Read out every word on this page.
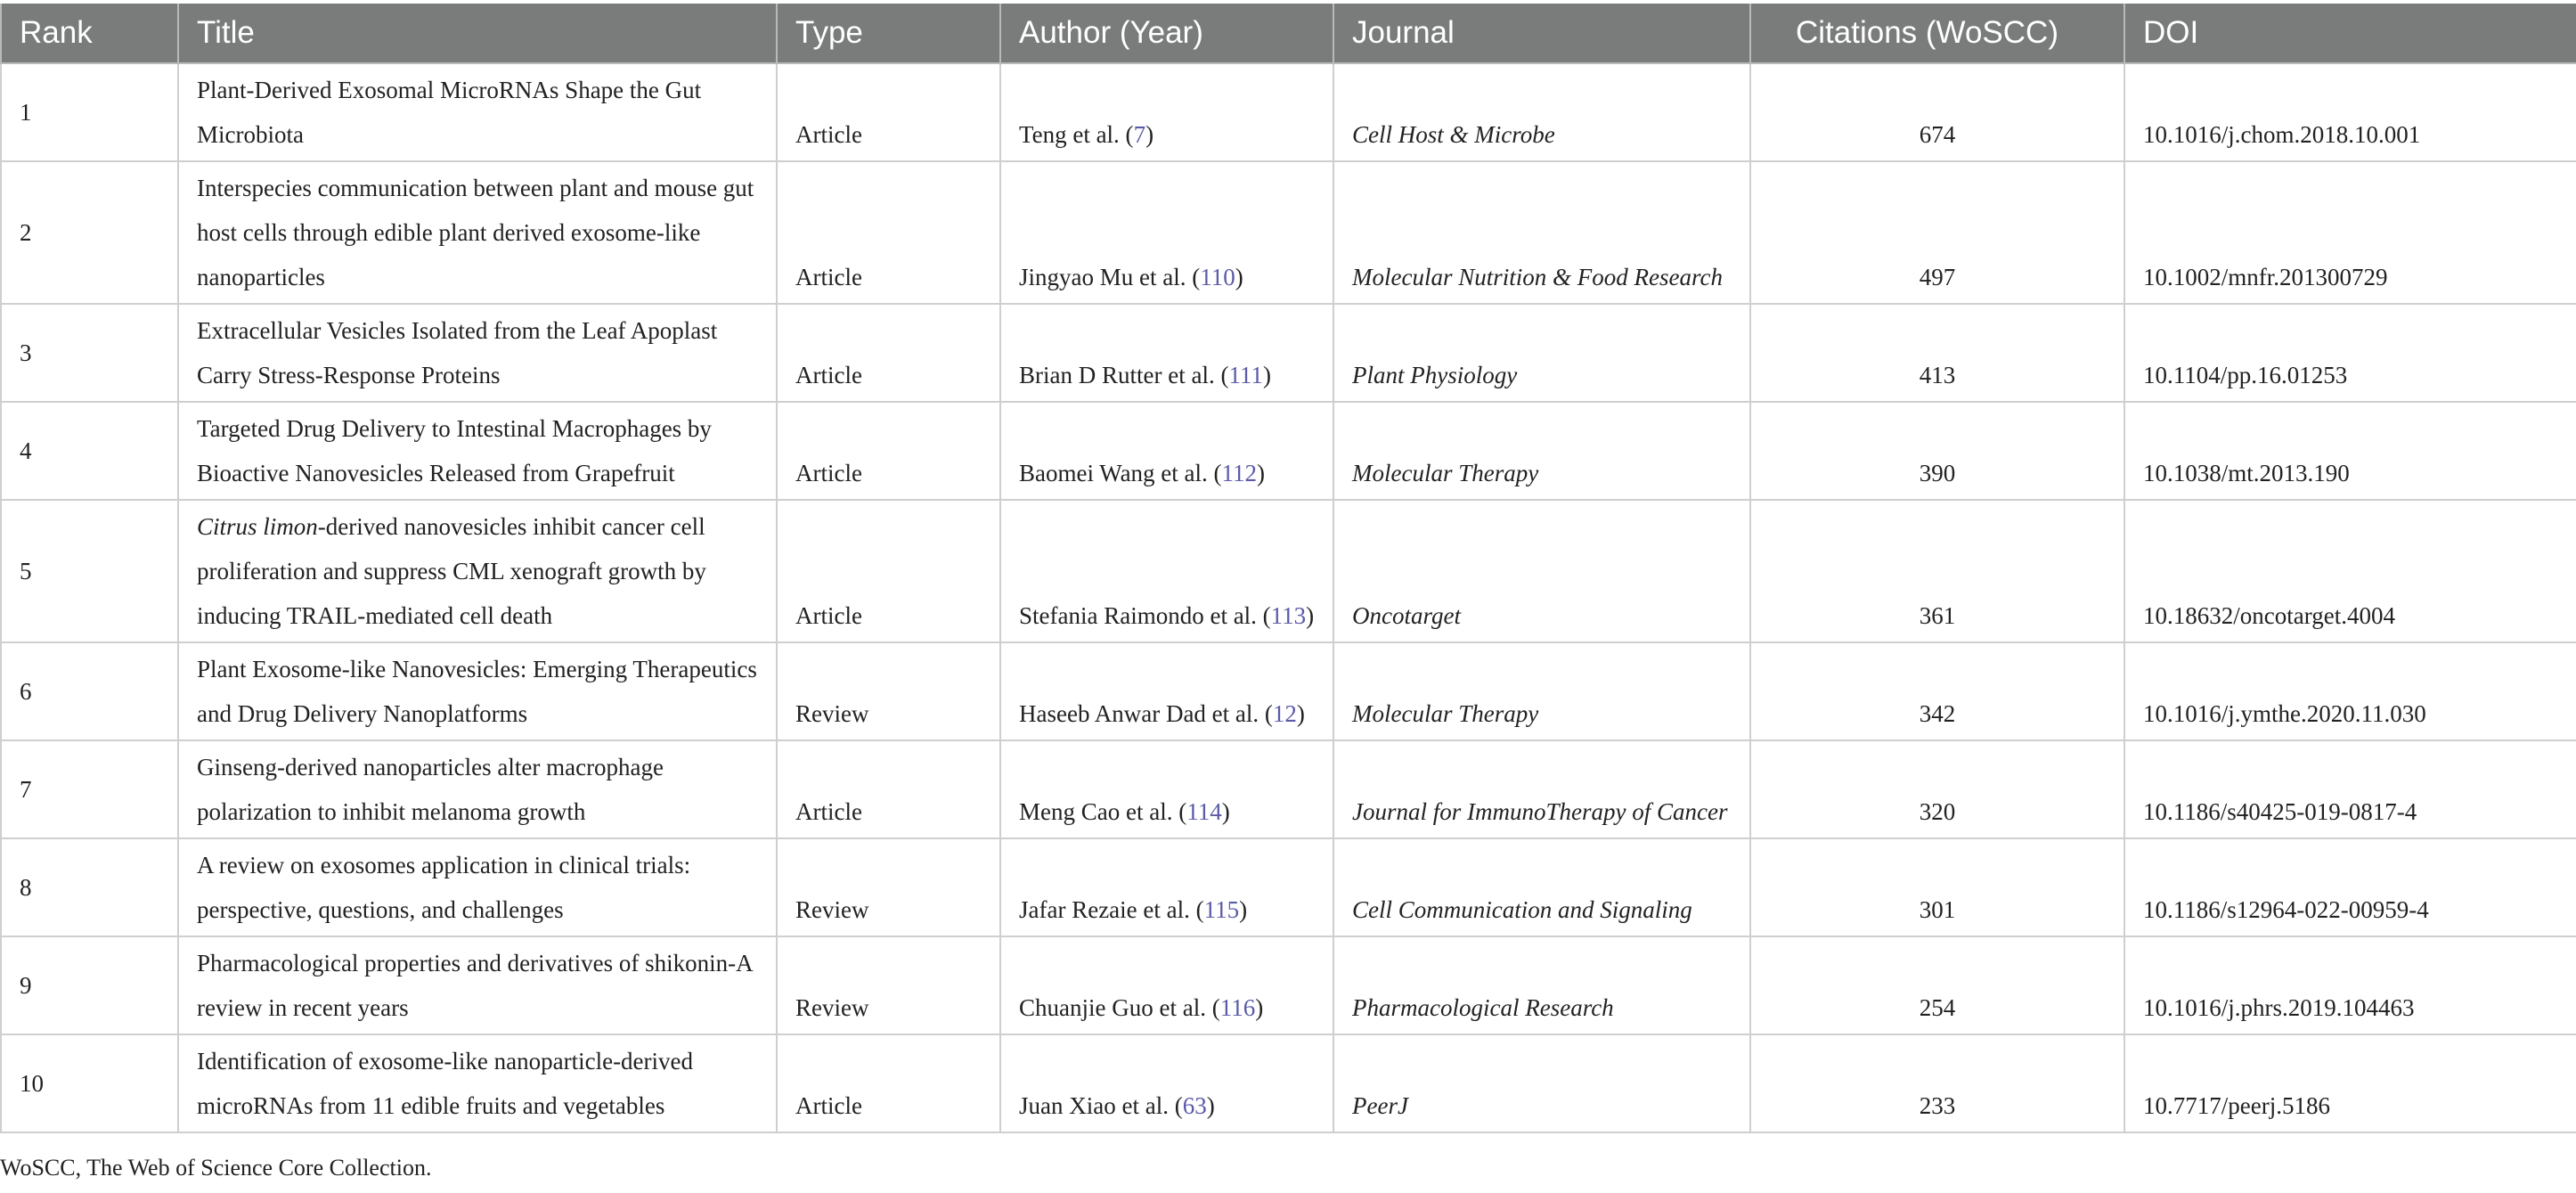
Rank	Title	Type	Author (Year)	Journal	Citations (WoSCC)	DOI
1	Plant-Derived Exosomal MicroRNAs Shape the Gut Microbiota	Article	Teng et al. (7)	Cell Host & Microbe	674	10.1016/j.chom.2018.10.001
2	Interspecies communication between plant and mouse gut host cells through edible plant derived exosome-like nanoparticles	Article	Jingyao Mu et al. (110)	Molecular Nutrition & Food Research	497	10.1002/mnfr.201300729
3	Extracellular Vesicles Isolated from the Leaf Apoplast Carry Stress-Response Proteins	Article	Brian D Rutter et al. (111)	Plant Physiology	413	10.1104/pp.16.01253
4	Targeted Drug Delivery to Intestinal Macrophages by Bioactive Nanovesicles Released from Grapefruit	Article	Baomei Wang et al. (112)	Molecular Therapy	390	10.1038/mt.2013.190
5	Citrus limon-derived nanovesicles inhibit cancer cell proliferation and suppress CML xenograft growth by inducing TRAIL-mediated cell death	Article	Stefania Raimondo et al. (113)	Oncotarget	361	10.18632/oncotarget.4004
6	Plant Exosome-like Nanovesicles: Emerging Therapeutics and Drug Delivery Nanoplatforms	Review	Haseeb Anwar Dad et al. (12)	Molecular Therapy	342	10.1016/j.ymthe.2020.11.030
7	Ginseng-derived nanoparticles alter macrophage polarization to inhibit melanoma growth	Article	Meng Cao et al. (114)	Journal for ImmunoTherapy of Cancer	320	10.1186/s40425-019-0817-4
8	A review on exosomes application in clinical trials: perspective, questions, and challenges	Review	Jafar Rezaie et al. (115)	Cell Communication and Signaling	301	10.1186/s12964-022-00959-4
9	Pharmacological properties and derivatives of shikonin-A review in recent years	Review	Chuanjie Guo et al. (116)	Pharmacological Research	254	10.1016/j.phrs.2019.104463
10	Identification of exosome-like nanoparticle-derived microRNAs from 11 edible fruits and vegetables	Article	Juan Xiao et al. (63)	PeerJ	233	10.7717/peerj.5186
WoSCC, The Web of Science Core Collection.
